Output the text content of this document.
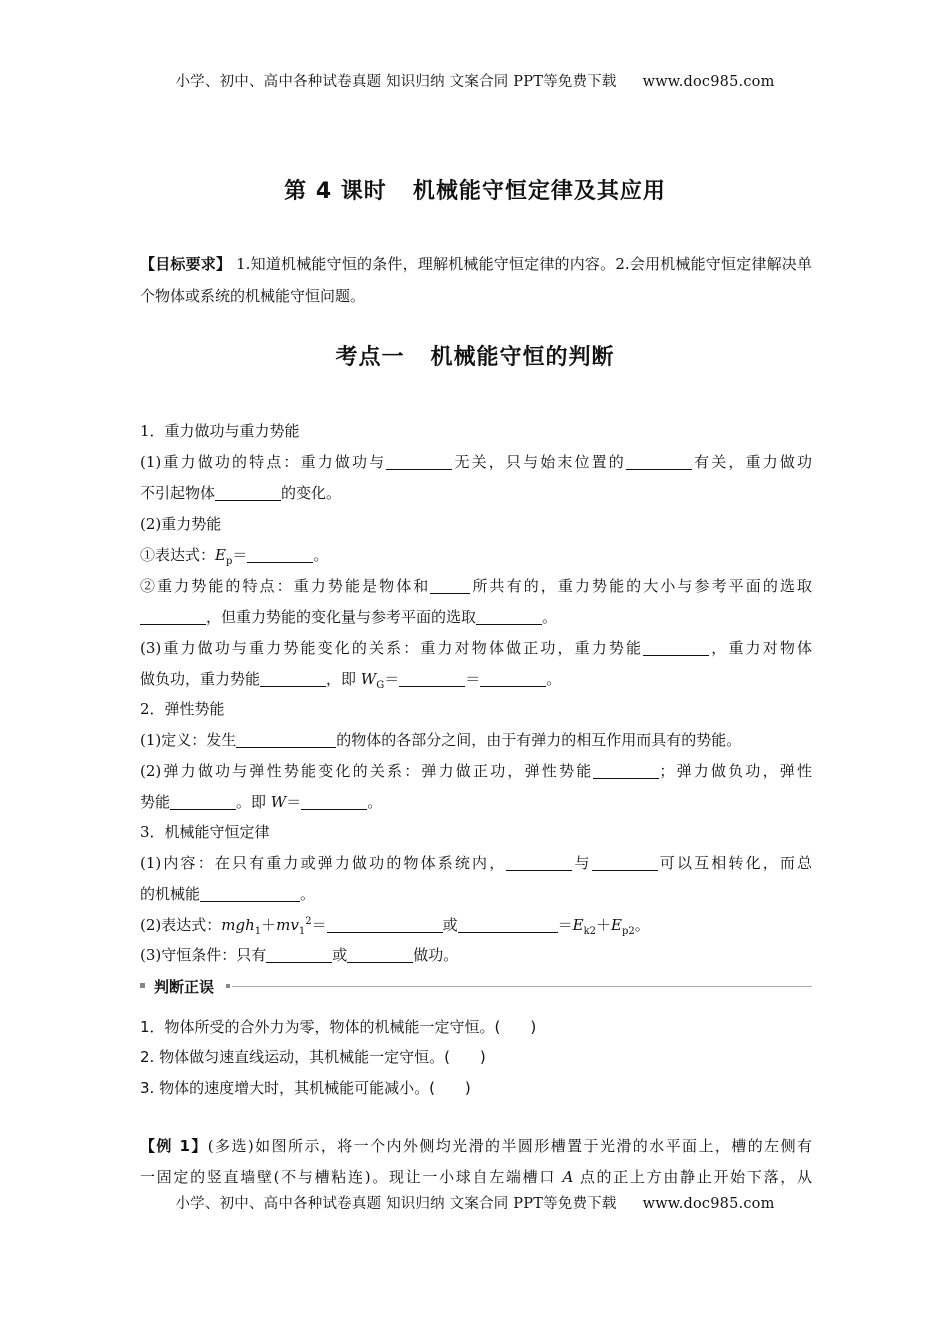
小学、初中、高中各种试卷真题 知识归纳 文案合同 PPT等免费下载 www.doc985.com
第 4 课时 机械能守恒定律及其应用
【目标要求】 1.知道机械能守恒的条件，理解机械能守恒定律的内容。2.会用机械能守恒定律解决单个物体或系统的机械能守恒问题。
考点一 机械能守恒的判断
1．重力做功与重力势能
(1)重力做功的特点：重力做功与	无关，只与始末位置的	有关，重力做功
不引起物体	的变化。
(2)重力势能
①表达式：$E_p=$	。
②重力势能的特点：重力势能是物体和	所共有的，重力势能的大小与参考平面的选取
，但重力势能的变化量与参考平面的选取	。
(3)重力做功与重力势能变化的关系：重力对物体做正功，重力势能	，重力对物体
做负功，重力势能	，即 $W_G=$	＝	。
2．弹性势能
(1)定义：发生	的物体的各部分之间，由于有弹力的相互作用而具有的势能。
(2)弹力做功与弹性势能变化的关系：弹力做正功，弹性势能	；弹力做负功，弹性
势能	。即 W＝	。
3．机械能守恒定律
(1)内容：在只有重力或弹力做功的物体系统内，	与	可以互相转化，而总
的机械能	。
(2)表达式：$mgh_1+mv_1^2=$	或	$=E_{k2}+E_{p2}$。
(3)守恒条件：只有	或	做功。
判断正误
1．物体所受的合外力为零，物体的机械能一定守恒。(　　)
2. 物体做匀速直线运动，其机械能一定守恒。(　　)
3. 物体的速度增大时，其机械能可能减小。(　　)
【例 1】(多选)如图所示，将一个内外侧均光滑的半圆形槽置于光滑的水平面上，槽的左侧有
一固定的竖直墙壁(不与槽粘连)。现让一小球自左端槽口 A 点的正上方由静止开始下落，从
小学、初中、高中各种试卷真题 知识归纳 文案合同 PPT等免费下载 www.doc985.com
